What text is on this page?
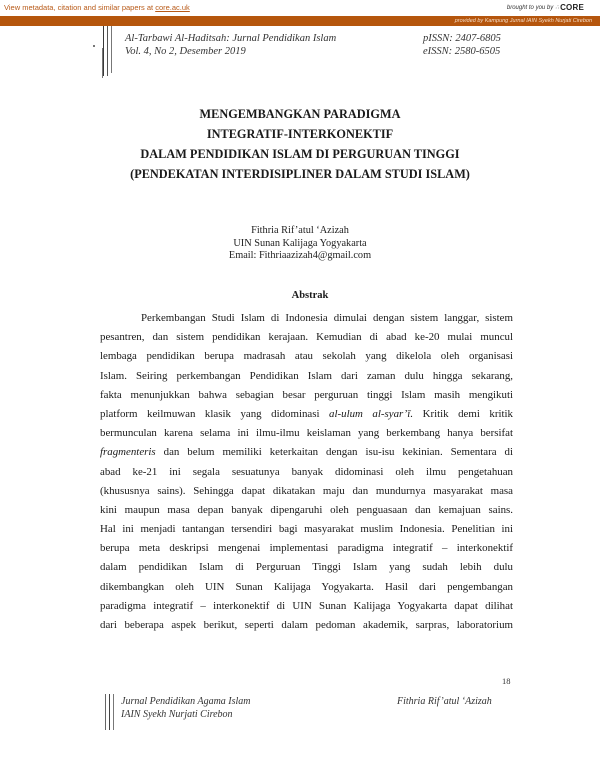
View metadata, citation and similar papers at core.ac.uk	brought to you by ∴ CORE
provided by Kampung Jurnal IAIN Syekh Nurjati Cirebon
Al-Tarbawi Al-Haditsah: Jurnal Pendidikan Islam
Vol. 4, No 2, Desember 2019
pISSN: 2407-6805
eISSN: 2580-6505
MENGEMBANGKAN PARADIGMA
INTEGRATIF-INTERKONEKTIF
DALAM PENDIDIKAN ISLAM DI PERGURUAN TINGGI
(PENDEKATAN INTERDISIPLINER DALAM STUDI ISLAM)
Fithria Rif’atul ‘Azizah
UIN Sunan Kalijaga Yogyakarta
Email: Fithriaazizah4@gmail.com
Abstrak
Perkembangan Studi Islam di Indonesia dimulai dengan sistem langgar, sistem
pesantren, dan sistem pendidikan kerajaan. Kemudian di abad ke-20 mulai muncul
lembaga pendidikan berupa madrasah atau sekolah yang dikelola oleh organisasi
Islam. Seiring perkembangan Pendidikan Islam dari zaman dulu hingga sekarang,
fakta menunjukkan bahwa sebagian besar perguruan tinggi Islam masih mengikuti
platform keilmuwan klasik yang didominasi al-ulum al-syar’ī. Kritik demi kritik
bermunculan karena selama ini ilmu-ilmu keislaman yang berkembang hanya bersifat
fragmenteris dan belum memiliki keterkaitan dengan isu-isu kekinian. Sementara di
abad ke-21 ini segala sesuatunya banyak didominasi oleh ilmu pengetahuan
(khususnya sains). Sehingga dapat dikatakan maju dan mundurnya masyarakat masa
kini maupun masa depan banyak dipengaruhi oleh penguasaan dan kemajuan sains.
Hal ini menjadi tantangan tersendiri bagi masyarakat muslim Indonesia. Penelitian ini
berupa meta deskripsi mengenai implementasi paradigma integratif – interkonektif
dalam pendidikan Islam di Perguruan Tinggi Islam yang sudah lebih dulu
dikembangkan oleh UIN Sunan Kalijaga Yogyakarta. Hasil dari pengembangan
paradigma integratif – interkonektif di UIN Sunan Kalijaga Yogyakarta dapat dilihat
dari beberapa aspek berikut, seperti dalam pedoman akademik, sarpras, laboratorium
18
Jurnal Pendidikan Agama Islam
IAIN Syekh Nurjati Cirebon
Fithria Rif’atul ‘Azizah
